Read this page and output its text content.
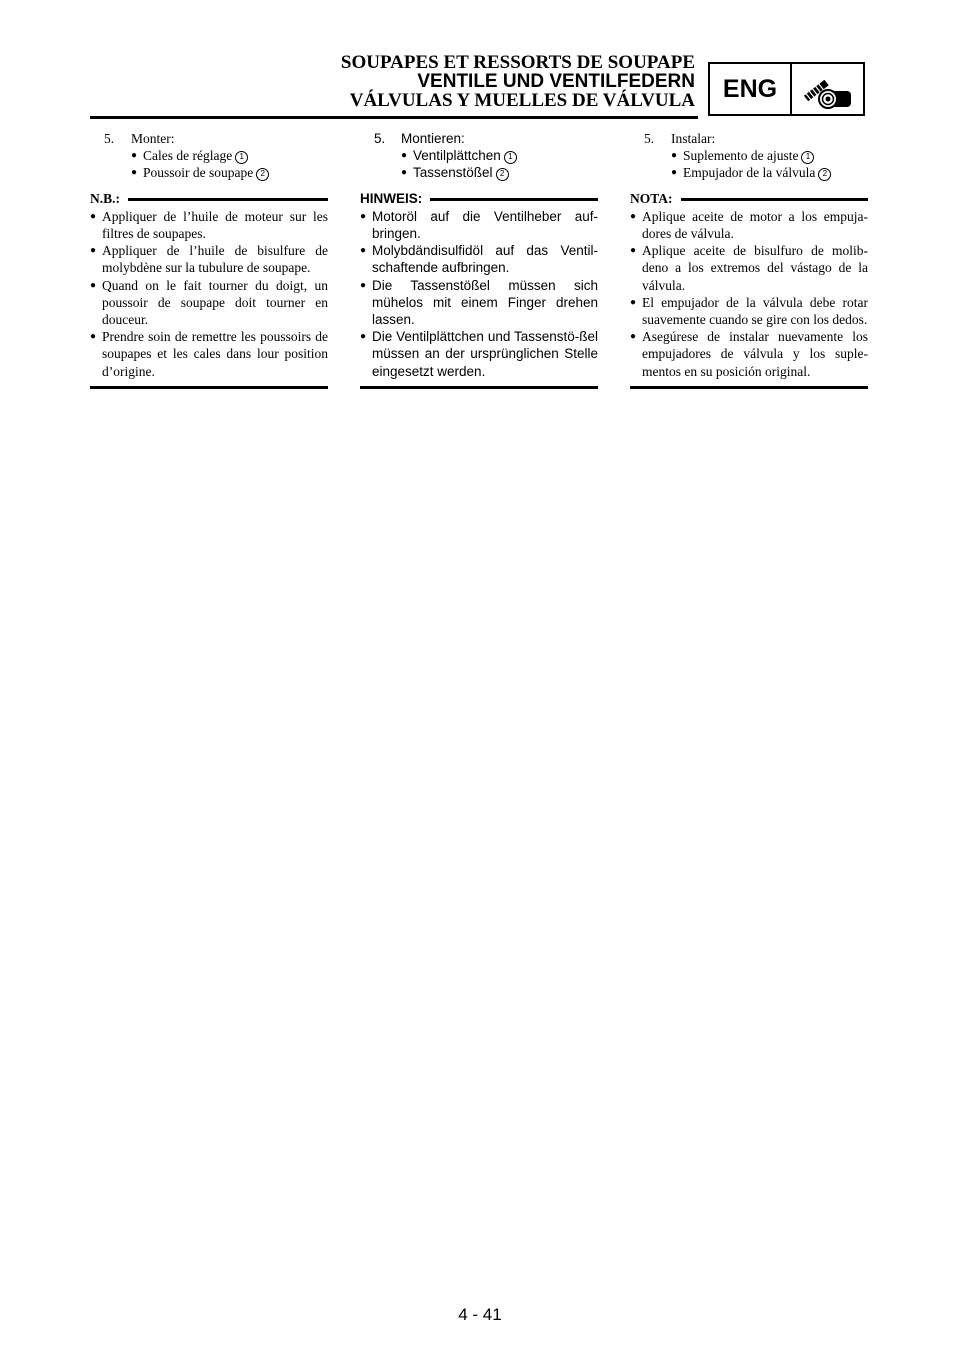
SOUPAPES ET RESSORTS DE SOUPAPE
VENTILE UND VENTILFEDERN
VÁLVULAS Y MUELLES DE VÁLVULA	ENG
5. Monter:
● Cales de réglage 1
● Poussoir de soupape 2
N.B.:
● Appliquer de l’huile de moteur sur les filtres de soupapes.
● Appliquer de l’huile de bisulfure de molybdène sur la tubulure de soupape.
● Quand on le fait tourner du doigt, un poussoir de soupape doit tourner en douceur.
● Prendre soin de remettre les poussoirs de soupapes et les cales dans lour position d’origine.
5. Montieren:
● Ventilplättchen 1
● Tassenstößel 2
HINWEIS:
● Motoröl auf die Ventilheber auf-bringen.
● Molybdändisulfidöl auf das Ventil-schaftende aufbringen.
● Die Tassenstößel müssen sich mühelos mit einem Finger drehen lassen.
● Die Ventilplättchen und Tassenstö-ßel müssen an der ursprünglichen Stelle eingesetzt werden.
5. Instalar:
● Suplemento de ajuste 1
● Empujador de la válvula 2
NOTA:
● Aplique aceite de motor a los empuja-dores de válvula.
● Aplique aceite de bisulfuro de molib-deno a los extremos del vástago de la válvula.
● El empujador de la válvula debe rotar suavemente cuando se gire con los dedos.
● Asegúrese de instalar nuevamente los empujadores de válvula y los suple-mentos en su posición original.
4 - 41
